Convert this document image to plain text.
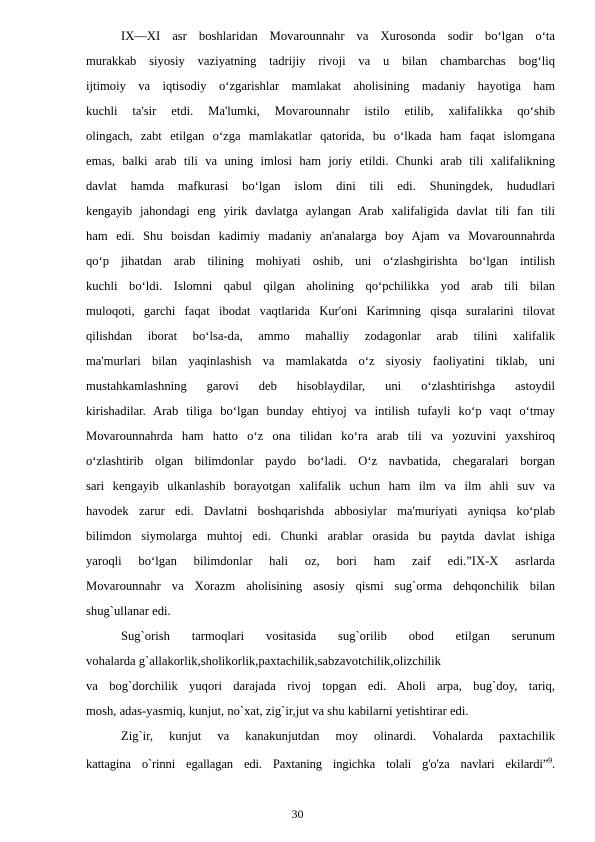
IX—XI asr boshlaridan Movarounnahr va Xurosonda sodir bo‘lgan o‘ta
murakkab siyosiy vaziyatning tadrijiy rivoji va u bilan chambarchas bog‘liq
ijtimoiy va iqtisodiy o‘zgarishlar mamlakat aholisining madaniy hayotiga ham
kuchli ta'sir etdi. Ma'lumki, Movarounnahr istilo etilib, xalifalikka qo‘shib
olingach, zabt etilgan o‘zga mamlakatlar qatorida, bu o‘lkada ham faqat islomgana
emas, balki arab tili va uning imlosi ham joriy etildi. Chunki arab tili xalifalikning
davlat hamda mafkurasi bo‘lgan islom dini tili edi. Shuningdek, hududlari
kengayib jahondagi eng yirik davlatga aylangan Arab xalifaligida davlat tili fan tili
ham edi. Shu boisdan kadimiy madaniy an'analarga boy Ajam va Movarounnahrda
qo‘p jihatdan arab tilining mohiyati oshib, uni o‘zlashgirishta bo‘lgan intilish
kuchli bo‘ldi. Islomni qabul qilgan aholining qo‘pchilikka yod arab tili bilan
muloqoti, garchi faqat ibodat vaqtlarida Kur'oni Karimning qisqa suralarini tilovat
qilishdan iborat bo‘lsa-da, ammo mahalliy zodagonlar arab tilini xalifalik
ma'murlari bilan yaqinlashish va mamlakatda o‘z siyosiy faoliyatini tiklab, uni
mustahkamlashning garovi deb hisoblaydilar, uni o‘zlashtirishga astoydil
kirishadilar. Arab tiliga bo‘lgan bunday ehtiyoj va intilish tufayli ko‘p vaqt o‘tmay
Movarounnahrda ham hatto o‘z ona tilidan ko‘ra arab tili va yozuvini yaxshiroq
o‘zlashtirib olgan bilimdonlar paydo bo‘ladi. O‘z navbatida, chegaralari borgan
sari kengayib ulkanlashib borayotgan xalifalik uchun ham ilm va ilm ahli suv va
havodek zarur edi. Davlatni boshqarishda abbosiylar ma'muriyati ayniqsa ko‘plab
bilimdon siymolarga muhtoj edi. Chunki arablar orasida bu paytda davlat ishiga
yaroqli bo‘lgan bilimdonlar hali oz, bori ham zaif edi.”IX-X asrlarda
Movarounnahr va Xorazm aholisining asosiy qismi sug`orma dehqonchilik bilan
shug`ullanar edi.
Sug`orish tarmoqlari vositasida sug`orilib obod etilgan serunum
vohalarda g`allakorlik,sholikorlik,paxtachilik,sabzavotchilik,olizchilik
va bog`dorchilik yuqori darajada rivoj topgan edi. Aholi arpa, bug`doy, tariq,
mosh, adas-yasmiq, kunjut, no`xat, zig`ir,jut va shu kabilarni yetishtirar edi.
Zig`ir, kunjut va kanakunjutdan moy olinardi. Vohalarda paxtachilik
kattagina o`rinni egallagan edi. Paxtaning ingichka tolali g'o'za navlari ekilardi”$^9$.
30
